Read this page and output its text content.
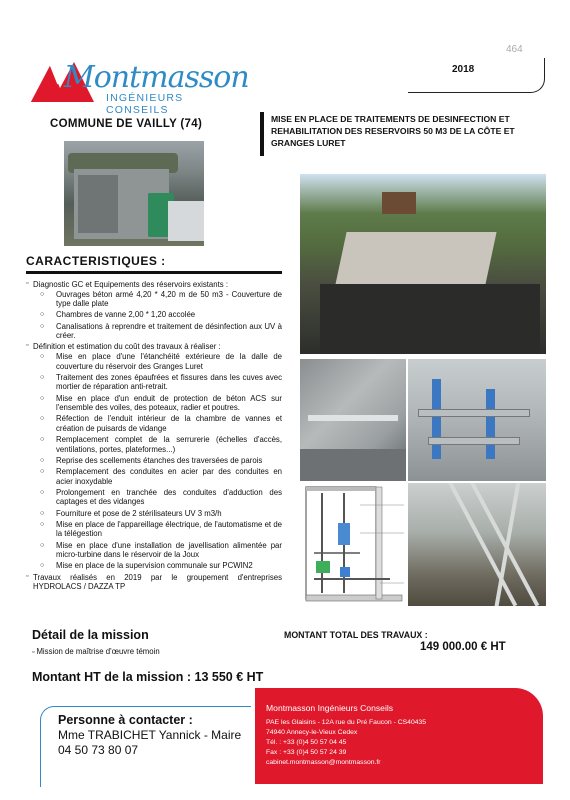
464
Montmasson
INGÉNIEURS CONSEILS
2018
COMMUNE DE VAILLY (74)	MISE EN PLACE DE TRAITEMENTS DE DESINFECTION ET REHABILITATION DES RESERVOIRS 50 M3 DE LA CÔTE ET GRANGES LURET
CARACTERISTIQUES :

▫ Diagnostic GC et Equipements des réservoirs existants :

○ Ouvrages béton armé 4,20 * 4,20 m de 50 m3 - Couverture de type dalle plate

○ Chambres de vanne 2,00 * 1,20 accolée

○ Canalisations à reprendre et traitement de désinfection aux UV à créer.

▫ Définition et estimation du coût des travaux à réaliser :

○ Mise en place d'une l'étanchéité extérieure de la dalle de couverture du réservoir des Granges Luret

○ Traitement des zones épaufrées et fissures dans les cuves avec mortier de réparation anti-retrait.

○ Mise en place d'un enduit de protection de béton ACS sur l'ensemble des voiles, des poteaux, radier et poutres.

○ Réfection de l'enduit intérieur de la chambre de vannes et création de puisards de vidange

○ Remplacement complet de la serrurerie (échelles d'accès, ventilations, portes, plateformes...)

○ Reprise des scellements étanches des traversées de parois

○ Remplacement des conduites en acier par des conduites en acier inoxydable

○ Prolongement en tranchée des conduites d'adduction des captages et des vidanges

○ Fourniture et pose de 2 stérilisateurs UV 3 m3/h

○ Mise en place de l'appareillage électrique, de l'automatisme et de la télégestion

○ Mise en place d'une installation de javellisation alimentée par micro-turbine dans le réservoir de la Joux

○ Mise en place de la supervision communale sur PCWIN2

▫ Travaux réalisés en 2019 par le groupement d'entreprises HYDROLACS / DAZZA TP

Détail de la mission
▫ Mission de maîtrise d'œuvre témoin
MONTANT TOTAL DES TRAVAUX :
149 000.00 € HT
Montant HT de la mission : 13 550 € HT
Personne à contacter :
Mme TRABICHET Yannick - Maire
04 50 73 80 07
Montmasson Ingénieurs Conseils
PAE les Glaisins - 12A rue du Pré Faucon - CS40435
74940 Annecy-le-Vieux Cedex
Tél. : +33 (0)4 50 57 04 45
Fax : +33 (0)4 50 57 24 39
cabinet.montmasson@montmasson.fr
